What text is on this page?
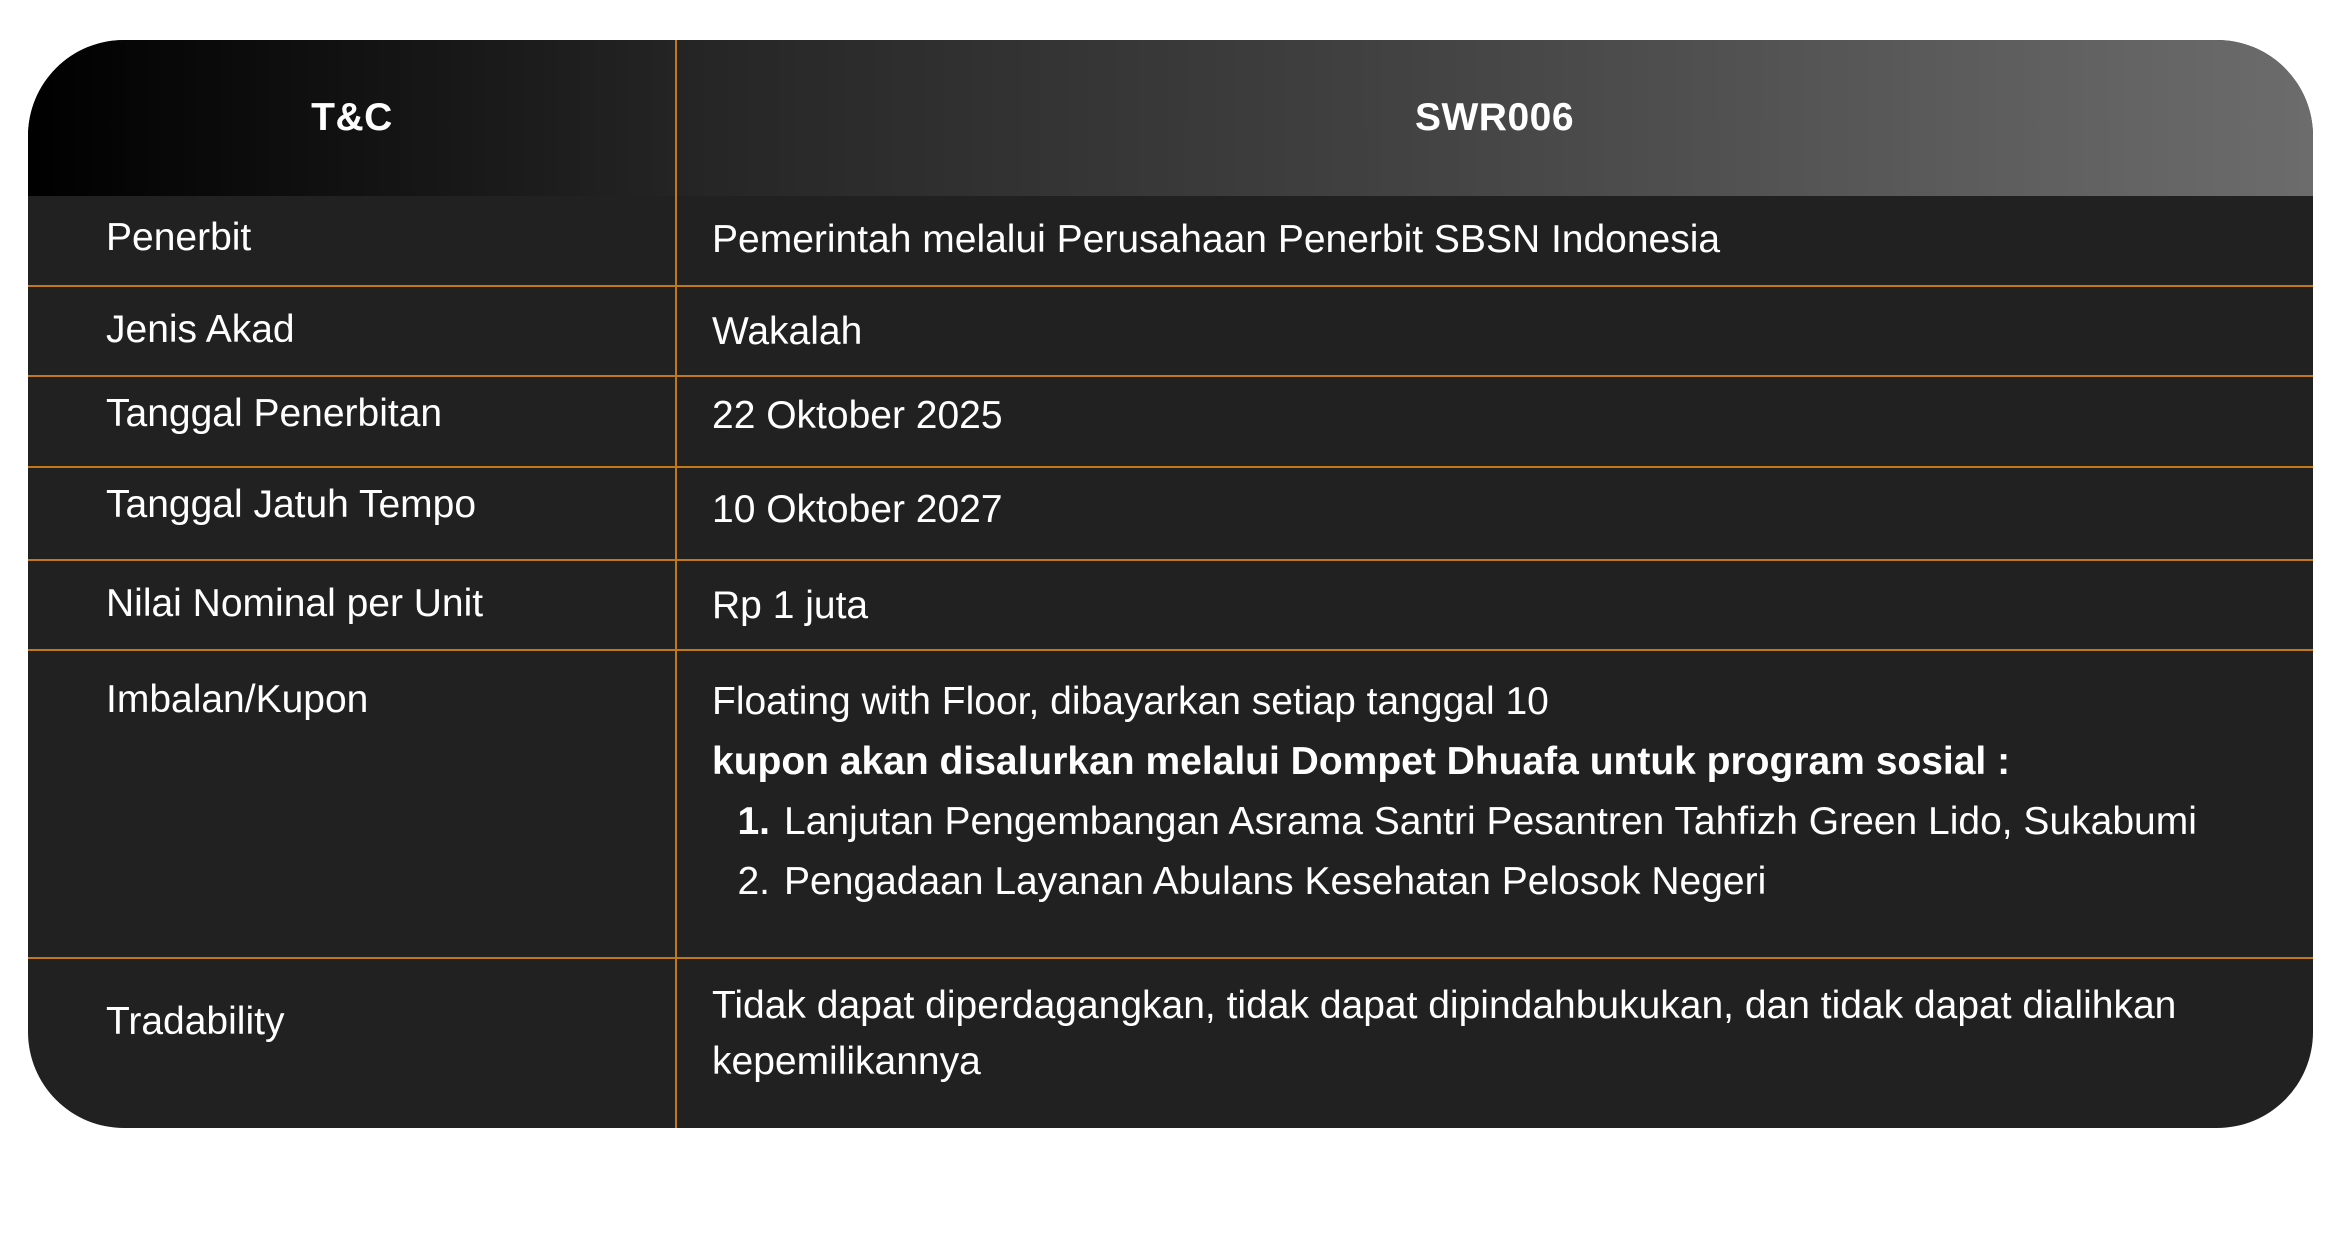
T&C	SWR006
Penerbit	Pemerintah melalui Perusahaan Penerbit SBSN Indonesia
Jenis Akad	Wakalah
Tanggal Penerbitan	22 Oktober 2025
Tanggal Jatuh Tempo	10 Oktober 2027
Nilai Nominal per Unit	Rp 1 juta
Imbalan/Kupon	Floating with Floor, dibayarkan setiap tanggal 10
kupon akan disalurkan melalui Dompet Dhuafa untuk program sosial :
1. Lanjutan Pengembangan Asrama Santri Pesantren Tahfizh Green Lido, Sukabumi
2. Pengadaan Layanan Abulans Kesehatan Pelosok Negeri
Tradability	Tidak dapat diperdagangkan, tidak dapat dipindahbukukan, dan tidak dapat dialihkan kepemilikannya
